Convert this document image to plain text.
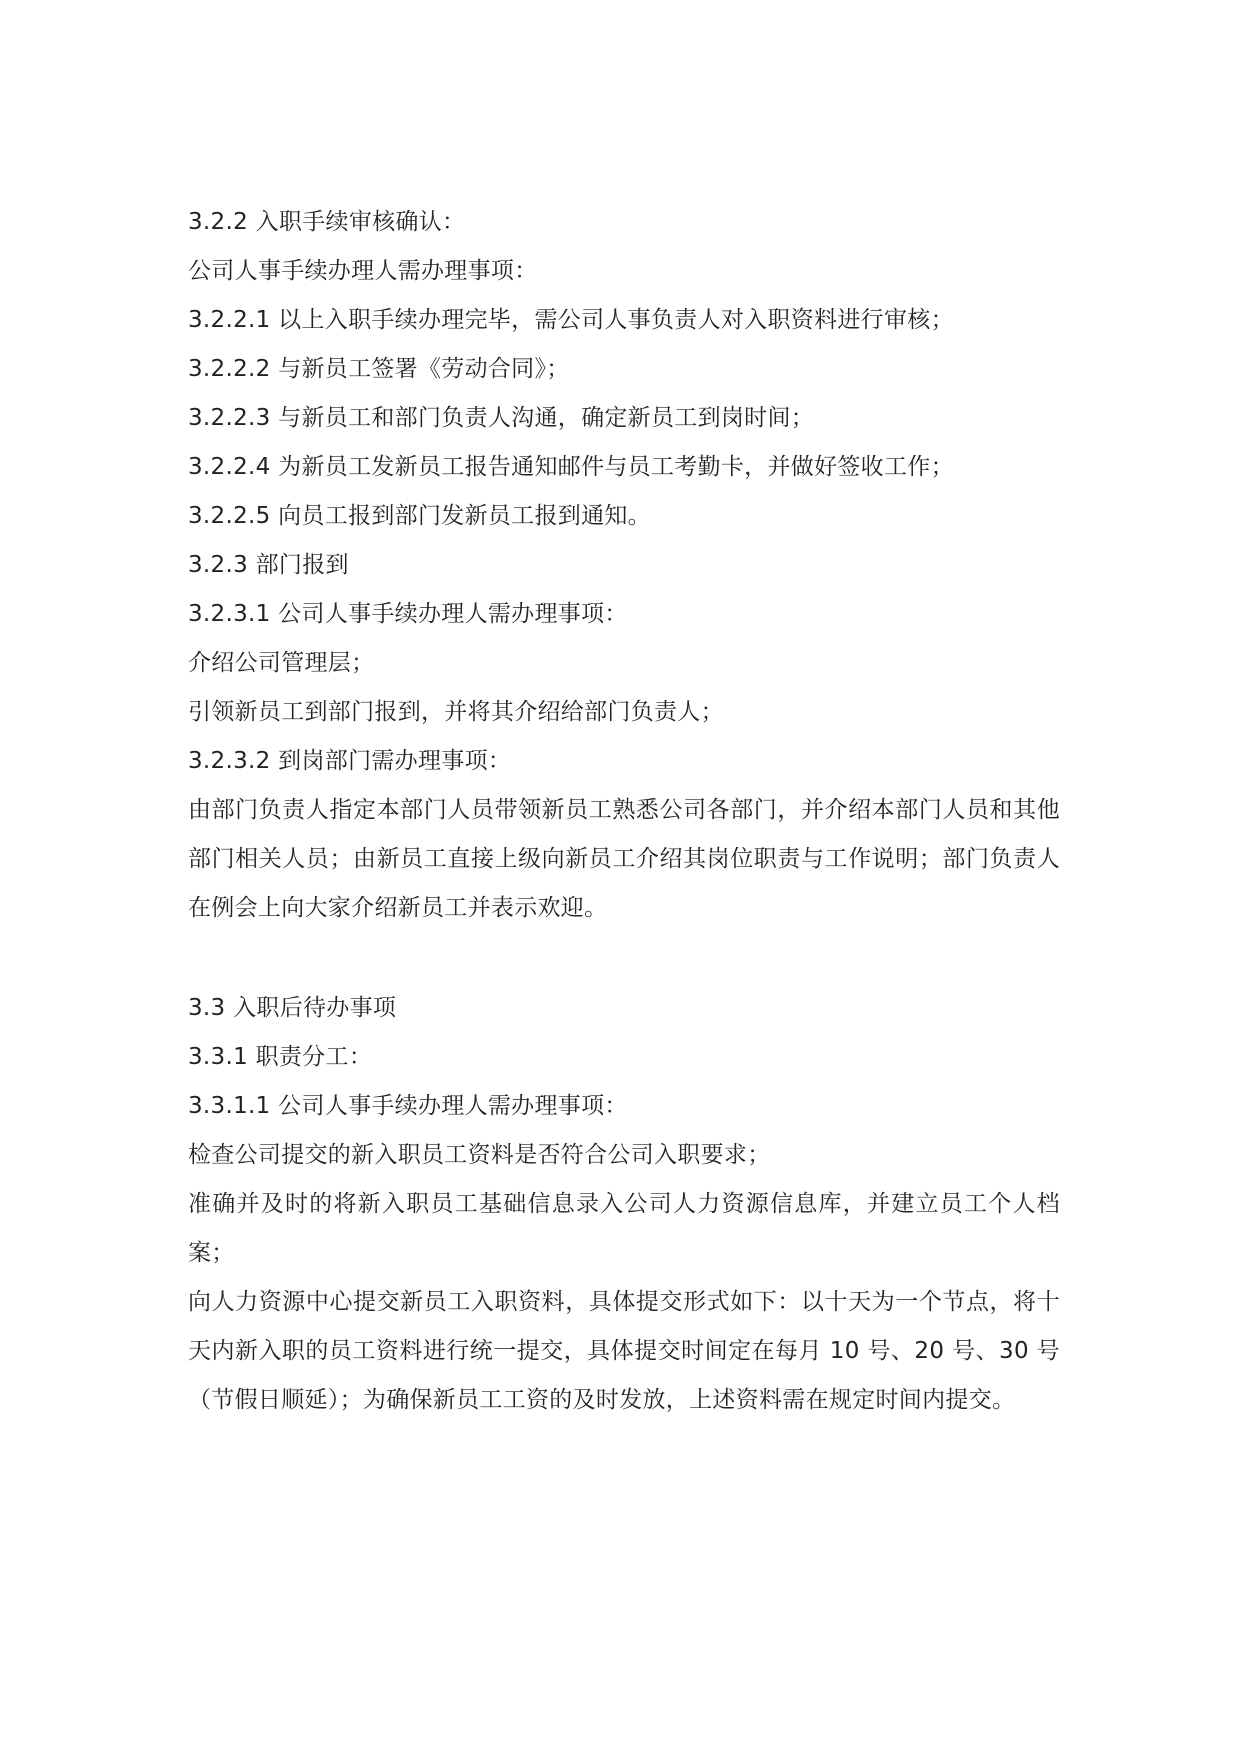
3.2.2 入职手续审核确认：
公司人事手续办理人需办理事项：
3.2.2.1 以上入职手续办理完毕，需公司人事负责人对入职资料进行审核；
3.2.2.2 与新员工签署《劳动合同》；
3.2.2.3 与新员工和部门负责人沟通，确定新员工到岗时间；
3.2.2.4 为新员工发新员工报告通知邮件与员工考勤卡，并做好签收工作；
3.2.2.5 向员工报到部门发新员工报到通知。
3.2.3 部门报到
3.2.3.1 公司人事手续办理人需办理事项：
介绍公司管理层；
引领新员工到部门报到，并将其介绍给部门负责人；
3.2.3.2 到岗部门需办理事项：
由部门负责人指定本部门人员带领新员工熟悉公司各部门，并介绍本部门人员和其他部门相关人员；由新员工直接上级向新员工介绍其岗位职责与工作说明；部门负责人在例会上向大家介绍新员工并表示欢迎。
3.3 入职后待办事项
3.3.1 职责分工：
3.3.1.1 公司人事手续办理人需办理事项：
检查公司提交的新入职员工资料是否符合公司入职要求；
准确并及时的将新入职员工基础信息录入公司人力资源信息库，并建立员工个人档案；
向人力资源中心提交新员工入职资料，具体提交形式如下：以十天为一个节点，将十天内新入职的员工资料进行统一提交，具体提交时间定在每月 10 号、20 号、30 号（节假日顺延）；为确保新员工工资的及时发放，上述资料需在规定时间内提交。
